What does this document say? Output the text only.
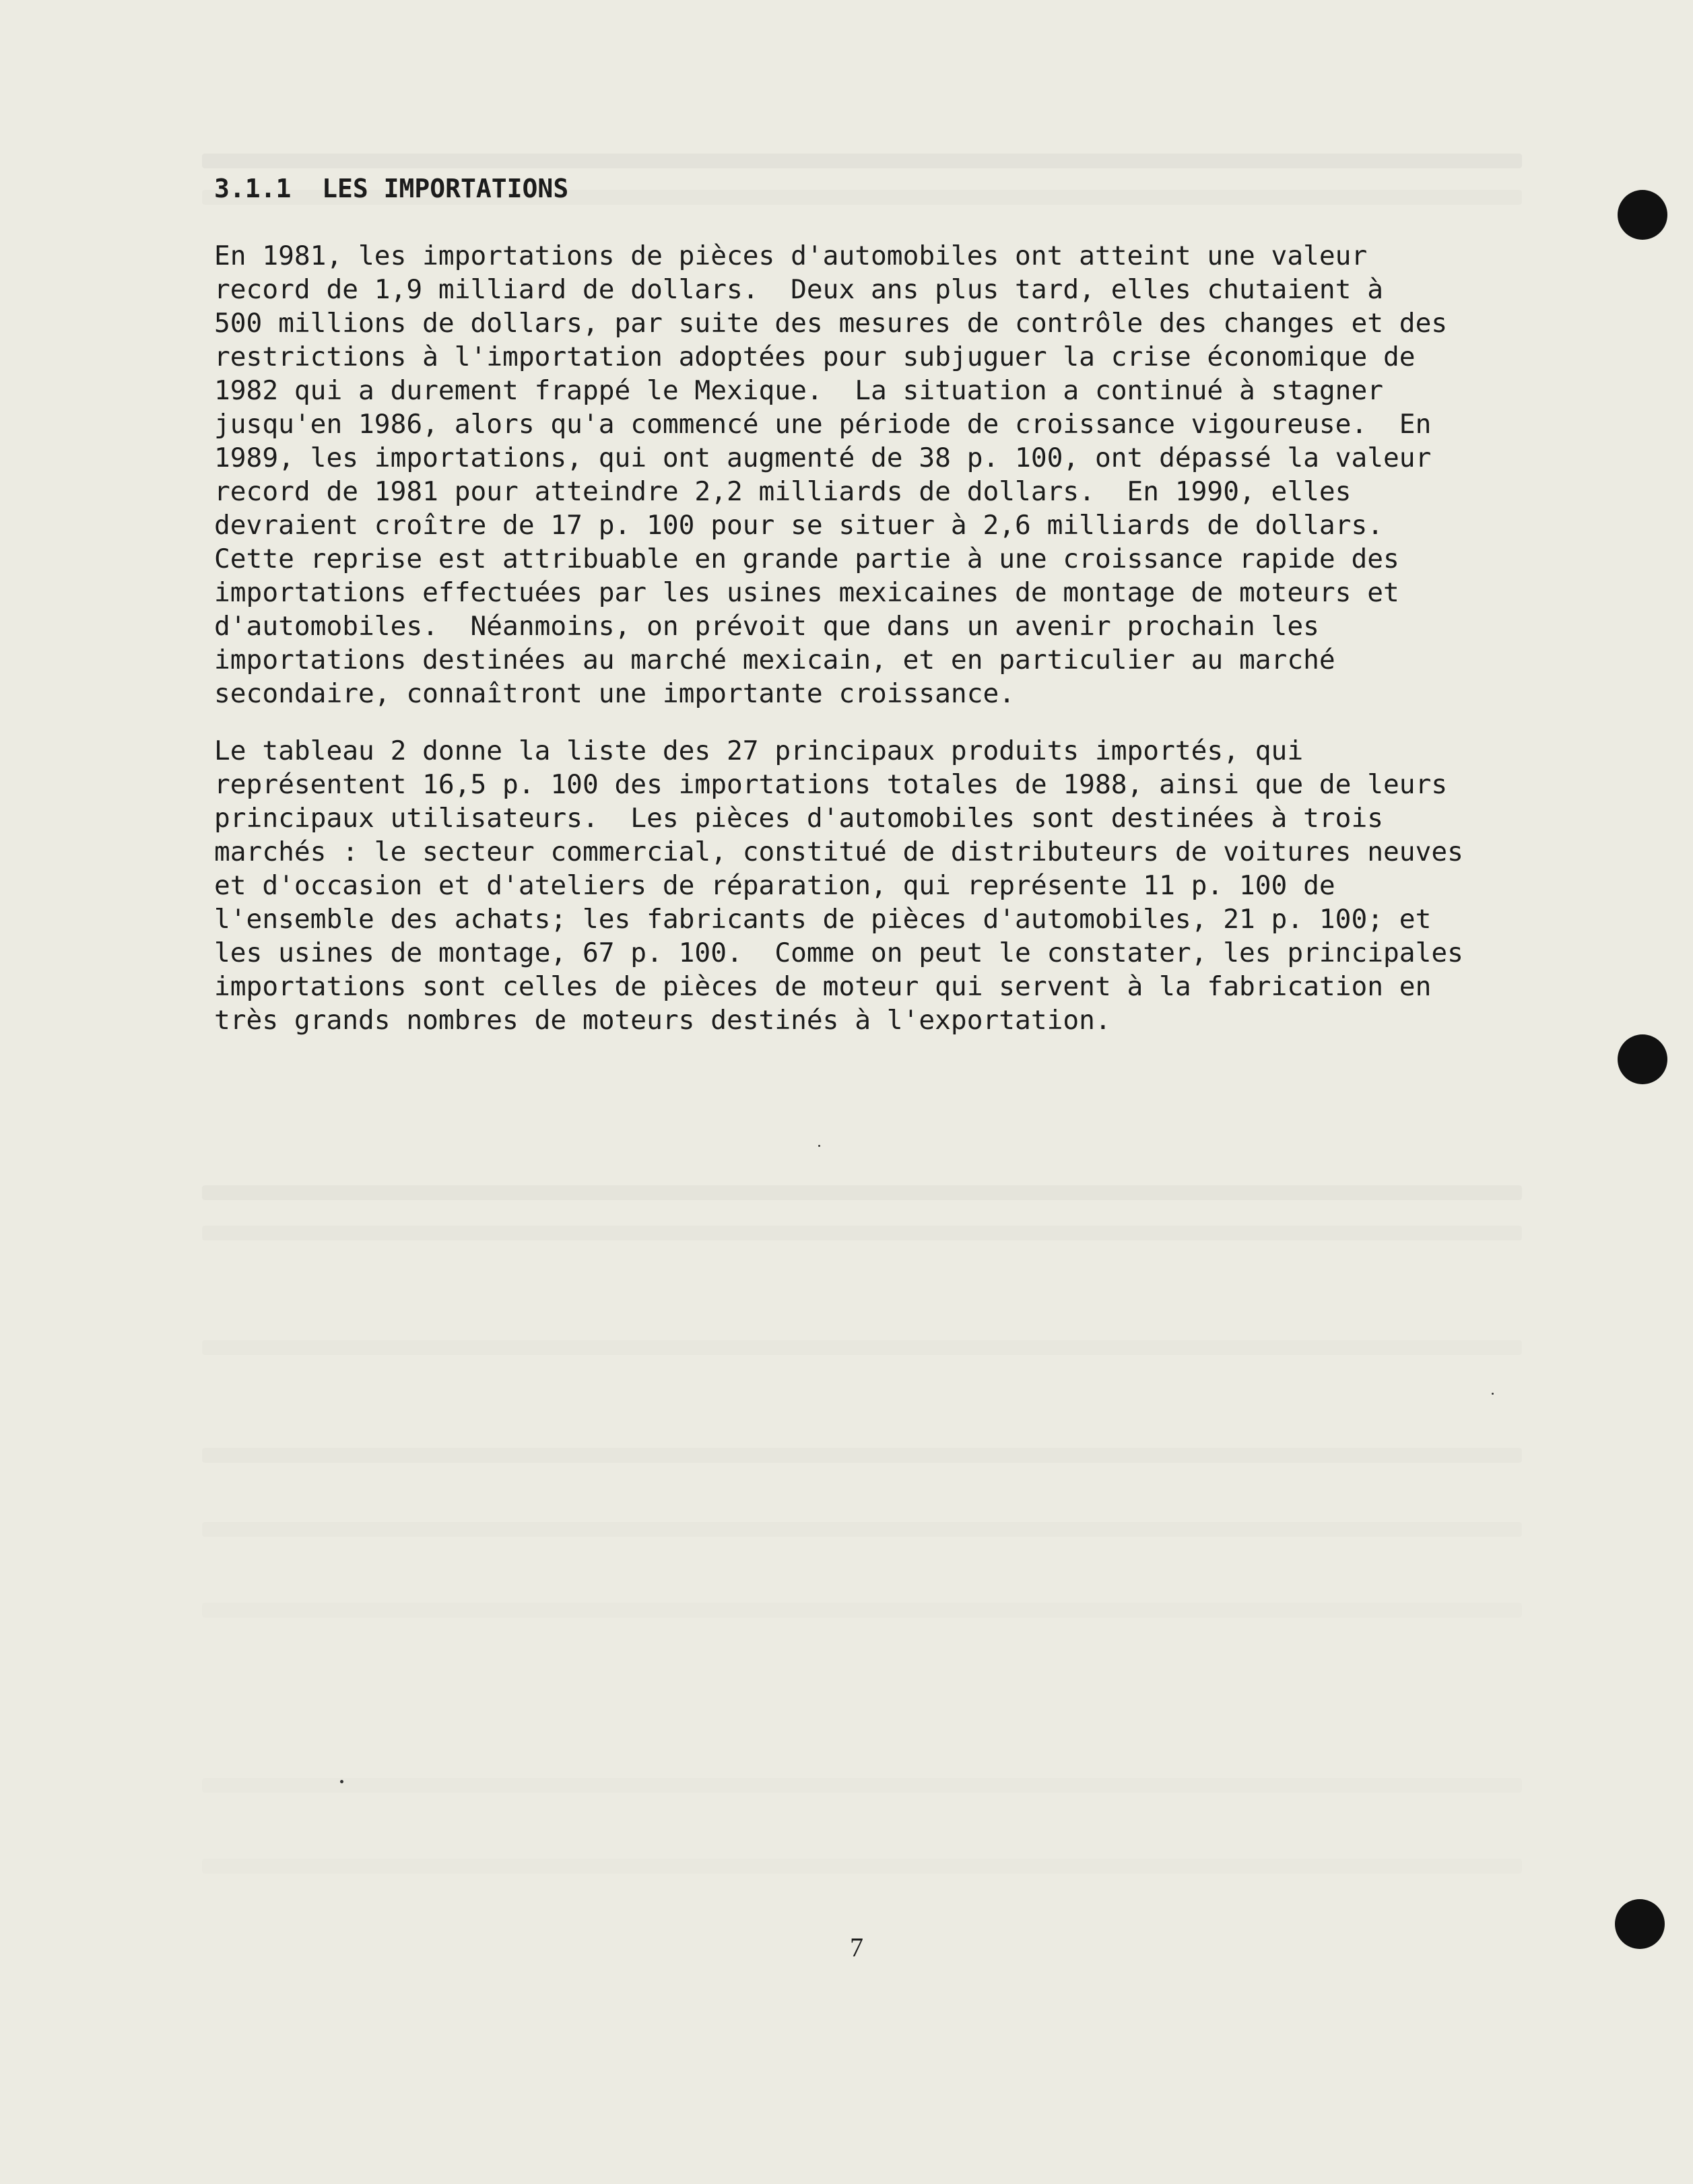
3.1.1  LES IMPORTATIONS
En 1981, les importations de pièces d'automobiles ont atteint une valeur
record de 1,9 milliard de dollars.  Deux ans plus tard, elles chutaient à
500 millions de dollars, par suite des mesures de contrôle des changes et des
restrictions à l'importation adoptées pour subjuguer la crise économique de
1982 qui a durement frappé le Mexique.  La situation a continué à stagner
jusqu'en 1986, alors qu'a commencé une période de croissance vigoureuse.  En
1989, les importations, qui ont augmenté de 38 p. 100, ont dépassé la valeur
record de 1981 pour atteindre 2,2 milliards de dollars.  En 1990, elles
devraient croître de 17 p. 100 pour se situer à 2,6 milliards de dollars.
Cette reprise est attribuable en grande partie à une croissance rapide des
importations effectuées par les usines mexicaines de montage de moteurs et
d'automobiles.  Néanmoins, on prévoit que dans un avenir prochain les
importations destinées au marché mexicain, et en particulier au marché
secondaire, connaîtront une importante croissance.
Le tableau 2 donne la liste des 27 principaux produits importés, qui
représentent 16,5 p. 100 des importations totales de 1988, ainsi que de leurs
principaux utilisateurs.  Les pièces d'automobiles sont destinées à trois
marchés : le secteur commercial, constitué de distributeurs de voitures neuves
et d'occasion et d'ateliers de réparation, qui représente 11 p. 100 de
l'ensemble des achats; les fabricants de pièces d'automobiles, 21 p. 100; et
les usines de montage, 67 p. 100.  Comme on peut le constater, les principales
importations sont celles de pièces de moteur qui servent à la fabrication en
très grands nombres de moteurs destinés à l'exportation.
7
